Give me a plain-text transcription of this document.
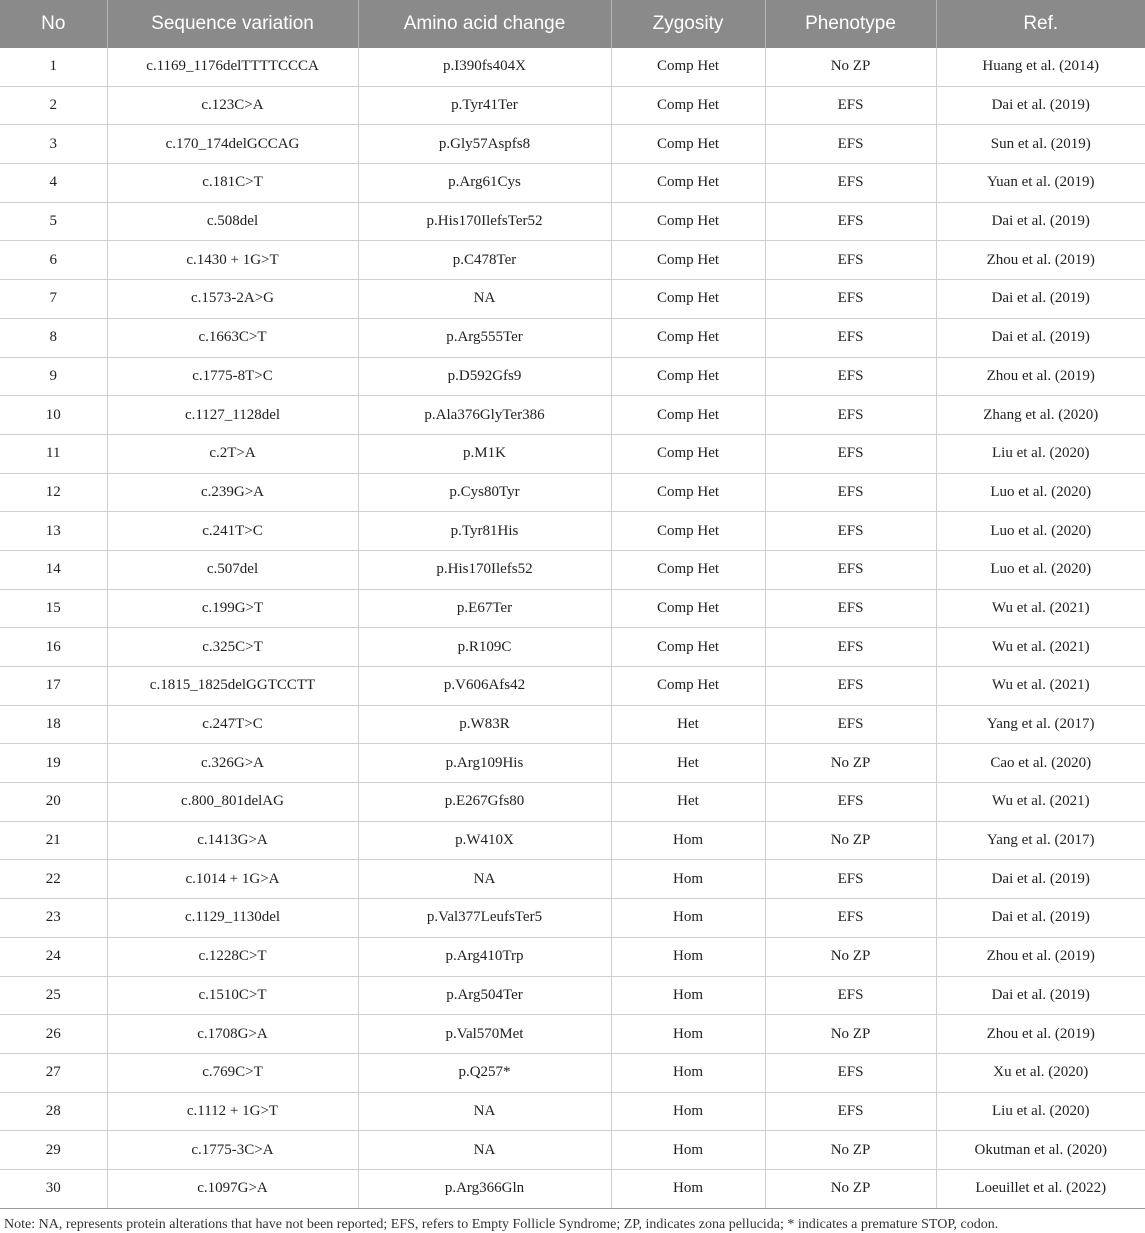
No	Sequence variation	Amino acid change	Zygosity	Phenotype	Ref.
1	c.1169_1176delTTTTCCCA	p.I390fs404X	Comp Het	No ZP	Huang et al. (2014)
2	c.123C>A	p.Tyr41Ter	Comp Het	EFS	Dai et al. (2019)
3	c.170_174delGCCAG	p.Gly57Aspfs8	Comp Het	EFS	Sun et al. (2019)
4	c.181C>T	p.Arg61Cys	Comp Het	EFS	Yuan et al. (2019)
5	c.508del	p.His170IlefsTer52	Comp Het	EFS	Dai et al. (2019)
6	c.1430 + 1G>T	p.C478Ter	Comp Het	EFS	Zhou et al. (2019)
7	c.1573-2A>G	NA	Comp Het	EFS	Dai et al. (2019)
8	c.1663C>T	p.Arg555Ter	Comp Het	EFS	Dai et al. (2019)
9	c.1775-8T>C	p.D592Gfs9	Comp Het	EFS	Zhou et al. (2019)
10	c.1127_1128del	p.Ala376GlyTer386	Comp Het	EFS	Zhang et al. (2020)
11	c.2T>A	p.M1K	Comp Het	EFS	Liu et al. (2020)
12	c.239G>A	p.Cys80Tyr	Comp Het	EFS	Luo et al. (2020)
13	c.241T>C	p.Tyr81His	Comp Het	EFS	Luo et al. (2020)
14	c.507del	p.His170Ilefs52	Comp Het	EFS	Luo et al. (2020)
15	c.199G>T	p.E67Ter	Comp Het	EFS	Wu et al. (2021)
16	c.325C>T	p.R109C	Comp Het	EFS	Wu et al. (2021)
17	c.1815_1825delGGTCCTT	p.V606Afs42	Comp Het	EFS	Wu et al. (2021)
18	c.247T>C	p.W83R	Het	EFS	Yang et al. (2017)
19	c.326G>A	p.Arg109His	Het	No ZP	Cao et al. (2020)
20	c.800_801delAG	p.E267Gfs80	Het	EFS	Wu et al. (2021)
21	c.1413G>A	p.W410X	Hom	No ZP	Yang et al. (2017)
22	c.1014 + 1G>A	NA	Hom	EFS	Dai et al. (2019)
23	c.1129_1130del	p.Val377LeufsTer5	Hom	EFS	Dai et al. (2019)
24	c.1228C>T	p.Arg410Trp	Hom	No ZP	Zhou et al. (2019)
25	c.1510C>T	p.Arg504Ter	Hom	EFS	Dai et al. (2019)
26	c.1708G>A	p.Val570Met	Hom	No ZP	Zhou et al. (2019)
27	c.769C>T	p.Q257*	Hom	EFS	Xu et al. (2020)
28	c.1112 + 1G>T	NA	Hom	EFS	Liu et al. (2020)
29	c.1775-3C>A	NA	Hom	No ZP	Okutman et al. (2020)
30	c.1097G>A	p.Arg366Gln	Hom	No ZP	Loeuillet et al. (2022)
Note: NA, represents protein alterations that have not been reported; EFS, refers to Empty Follicle Syndrome; ZP, indicates zona pellucida; * indicates a premature STOP, codon.
